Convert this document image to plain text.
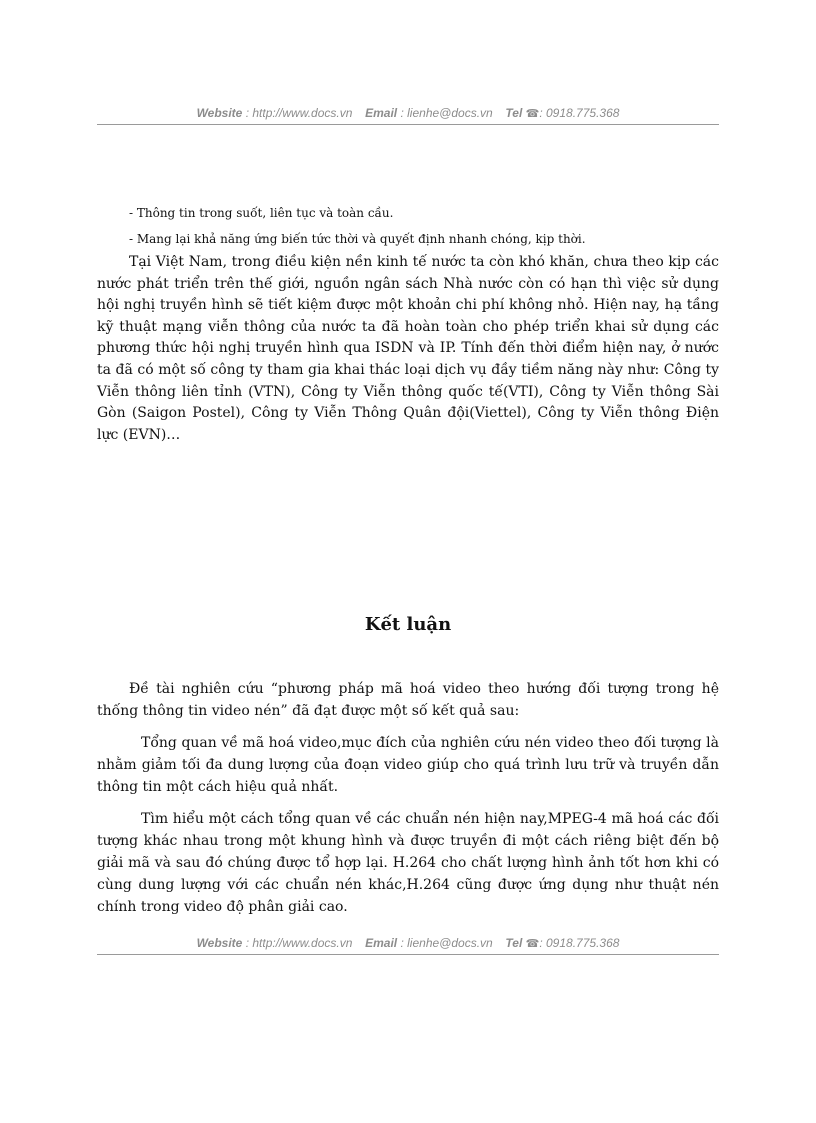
Website : http://www.docs.vn Email : lienhe@docs.vn Tel ☎: 0918.775.368

- Thông tin trong suốt, liên tục và toàn cầu.

- Mang lại khả năng ứng biến tức thời và quyết định nhanh chóng, kịp thời.

Tại Việt Nam, trong điều kiện nền kinh tế nước ta còn khó khăn, chưa theo kịp các nước phát triển trên thế giới, nguồn ngân sách Nhà nước còn có hạn thì việc sử dụng hội nghị truyền hình sẽ tiết kiệm được một khoản chi phí không nhỏ. Hiện nay, hạ tầng kỹ thuật mạng viễn thông của nước ta đã hoàn toàn cho phép triển khai sử dụng các phương thức hội nghị truyền hình qua ISDN và IP. Tính đến thời điểm hiện nay, ở nước ta đã có một số công ty tham gia khai thác loại dịch vụ đầy tiềm năng này như: Công ty Viễn thông liên tỉnh (VTN), Công ty Viễn thông quốc tế(VTI), Công ty Viễn thông Sài Gòn (Saigon Postel), Công ty Viễn Thông Quân đội(Viettel), Công ty Viễn thông Điện lực (EVN)…

Kết luận

Đề tài nghiên cứu “phương pháp mã hoá video theo hướng đối tượng trong hệ thống thông tin video nén” đã đạt được một số kết quả sau:

Tổng quan về mã hoá video,mục đích của nghiên cứu nén video theo đối tượng là nhằm giảm tối đa dung lượng của đoạn video giúp cho quá trình lưu trữ và truyền dẫn thông tin một cách hiệu quả nhất.

Tìm hiểu một cách tổng quan về các chuẩn nén hiện nay,MPEG-4 mã hoá các đối tượng khác nhau trong một khung hình và được truyền đi một cách riêng biệt đến bộ giải mã và sau đó chúng được tổ hợp lại. H.264 cho chất lượng hình ảnh tốt hơn khi có cùng dung lượng với các chuẩn nén khác,H.264 cũng được ứng dụng như thuật nén chính trong video độ phân giải cao.

Website : http://www.docs.vn Email : lienhe@docs.vn Tel ☎: 0918.775.368
